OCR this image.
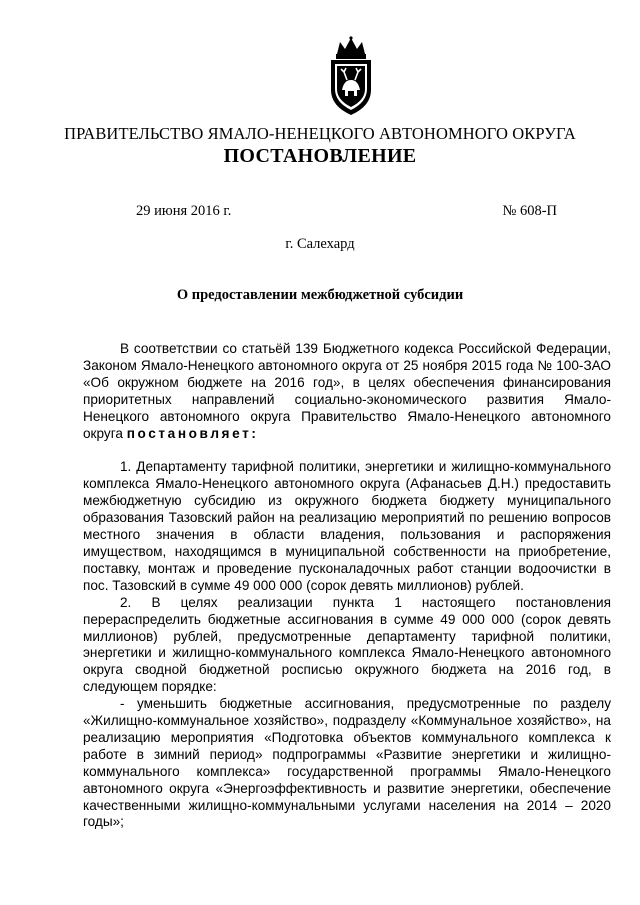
ПРАВИТЕЛЬСТВО ЯМАЛО-НЕНЕЦКОГО АВТОНОМНОГО ОКРУГА
ПОСТАНОВЛЕНИЕ
29 июня 2016 г.	№ 608-П
г. Салехард
О предоставлении межбюджетной субсидии

В соответствии со статьёй 139 Бюджетного кодекса Российской Федерации, Законом Ямало-Ненецкого автономного округа от 25 ноября 2015 года № 100-ЗАО «Об окружном бюджете на 2016 год», в целях обеспечения финансирования приоритетных направлений социально-экономического развития Ямало-Ненецкого автономного округа Правительство Ямало-Ненецкого автономного округа постановляет:

1. Департаменту тарифной политики, энергетики и жилищно-коммунального комплекса Ямало-Ненецкого автономного округа (Афанасьев Д.Н.) предоставить межбюджетную субсидию из окружного бюджета бюджету муниципального образования Тазовский район на реализацию мероприятий по решению вопросов местного значения в области владения, пользования и распоряжения имуществом, находящимся в муниципальной собственности на приобретение, поставку, монтаж и проведение пусконаладочных работ станции водоочистки в пос. Тазовский в сумме 49 000 000 (сорок девять миллионов) рублей.

2. В целях реализации пункта 1 настоящего постановления перераспределить бюджетные ассигнования в сумме 49 000 000 (сорок девять миллионов) рублей, предусмотренные департаменту тарифной политики, энергетики и жилищно-коммунального комплекса Ямало-Ненецкого автономного округа сводной бюджетной росписью окружного бюджета на 2016 год, в следующем порядке:

- уменьшить бюджетные ассигнования, предусмотренные по разделу «Жилищно-коммунальное хозяйство», подразделу «Коммунальное хозяйство», на реализацию мероприятия «Подготовка объектов коммунального комплекса к работе в зимний период» подпрограммы «Развитие энергетики и жилищно-коммунального комплекса» государственной программы Ямало-Ненецкого автономного округа «Энергоэффективность и развитие энергетики, обеспечение качественными жилищно-коммунальными услугами населения на 2014 – 2020 годы»;
